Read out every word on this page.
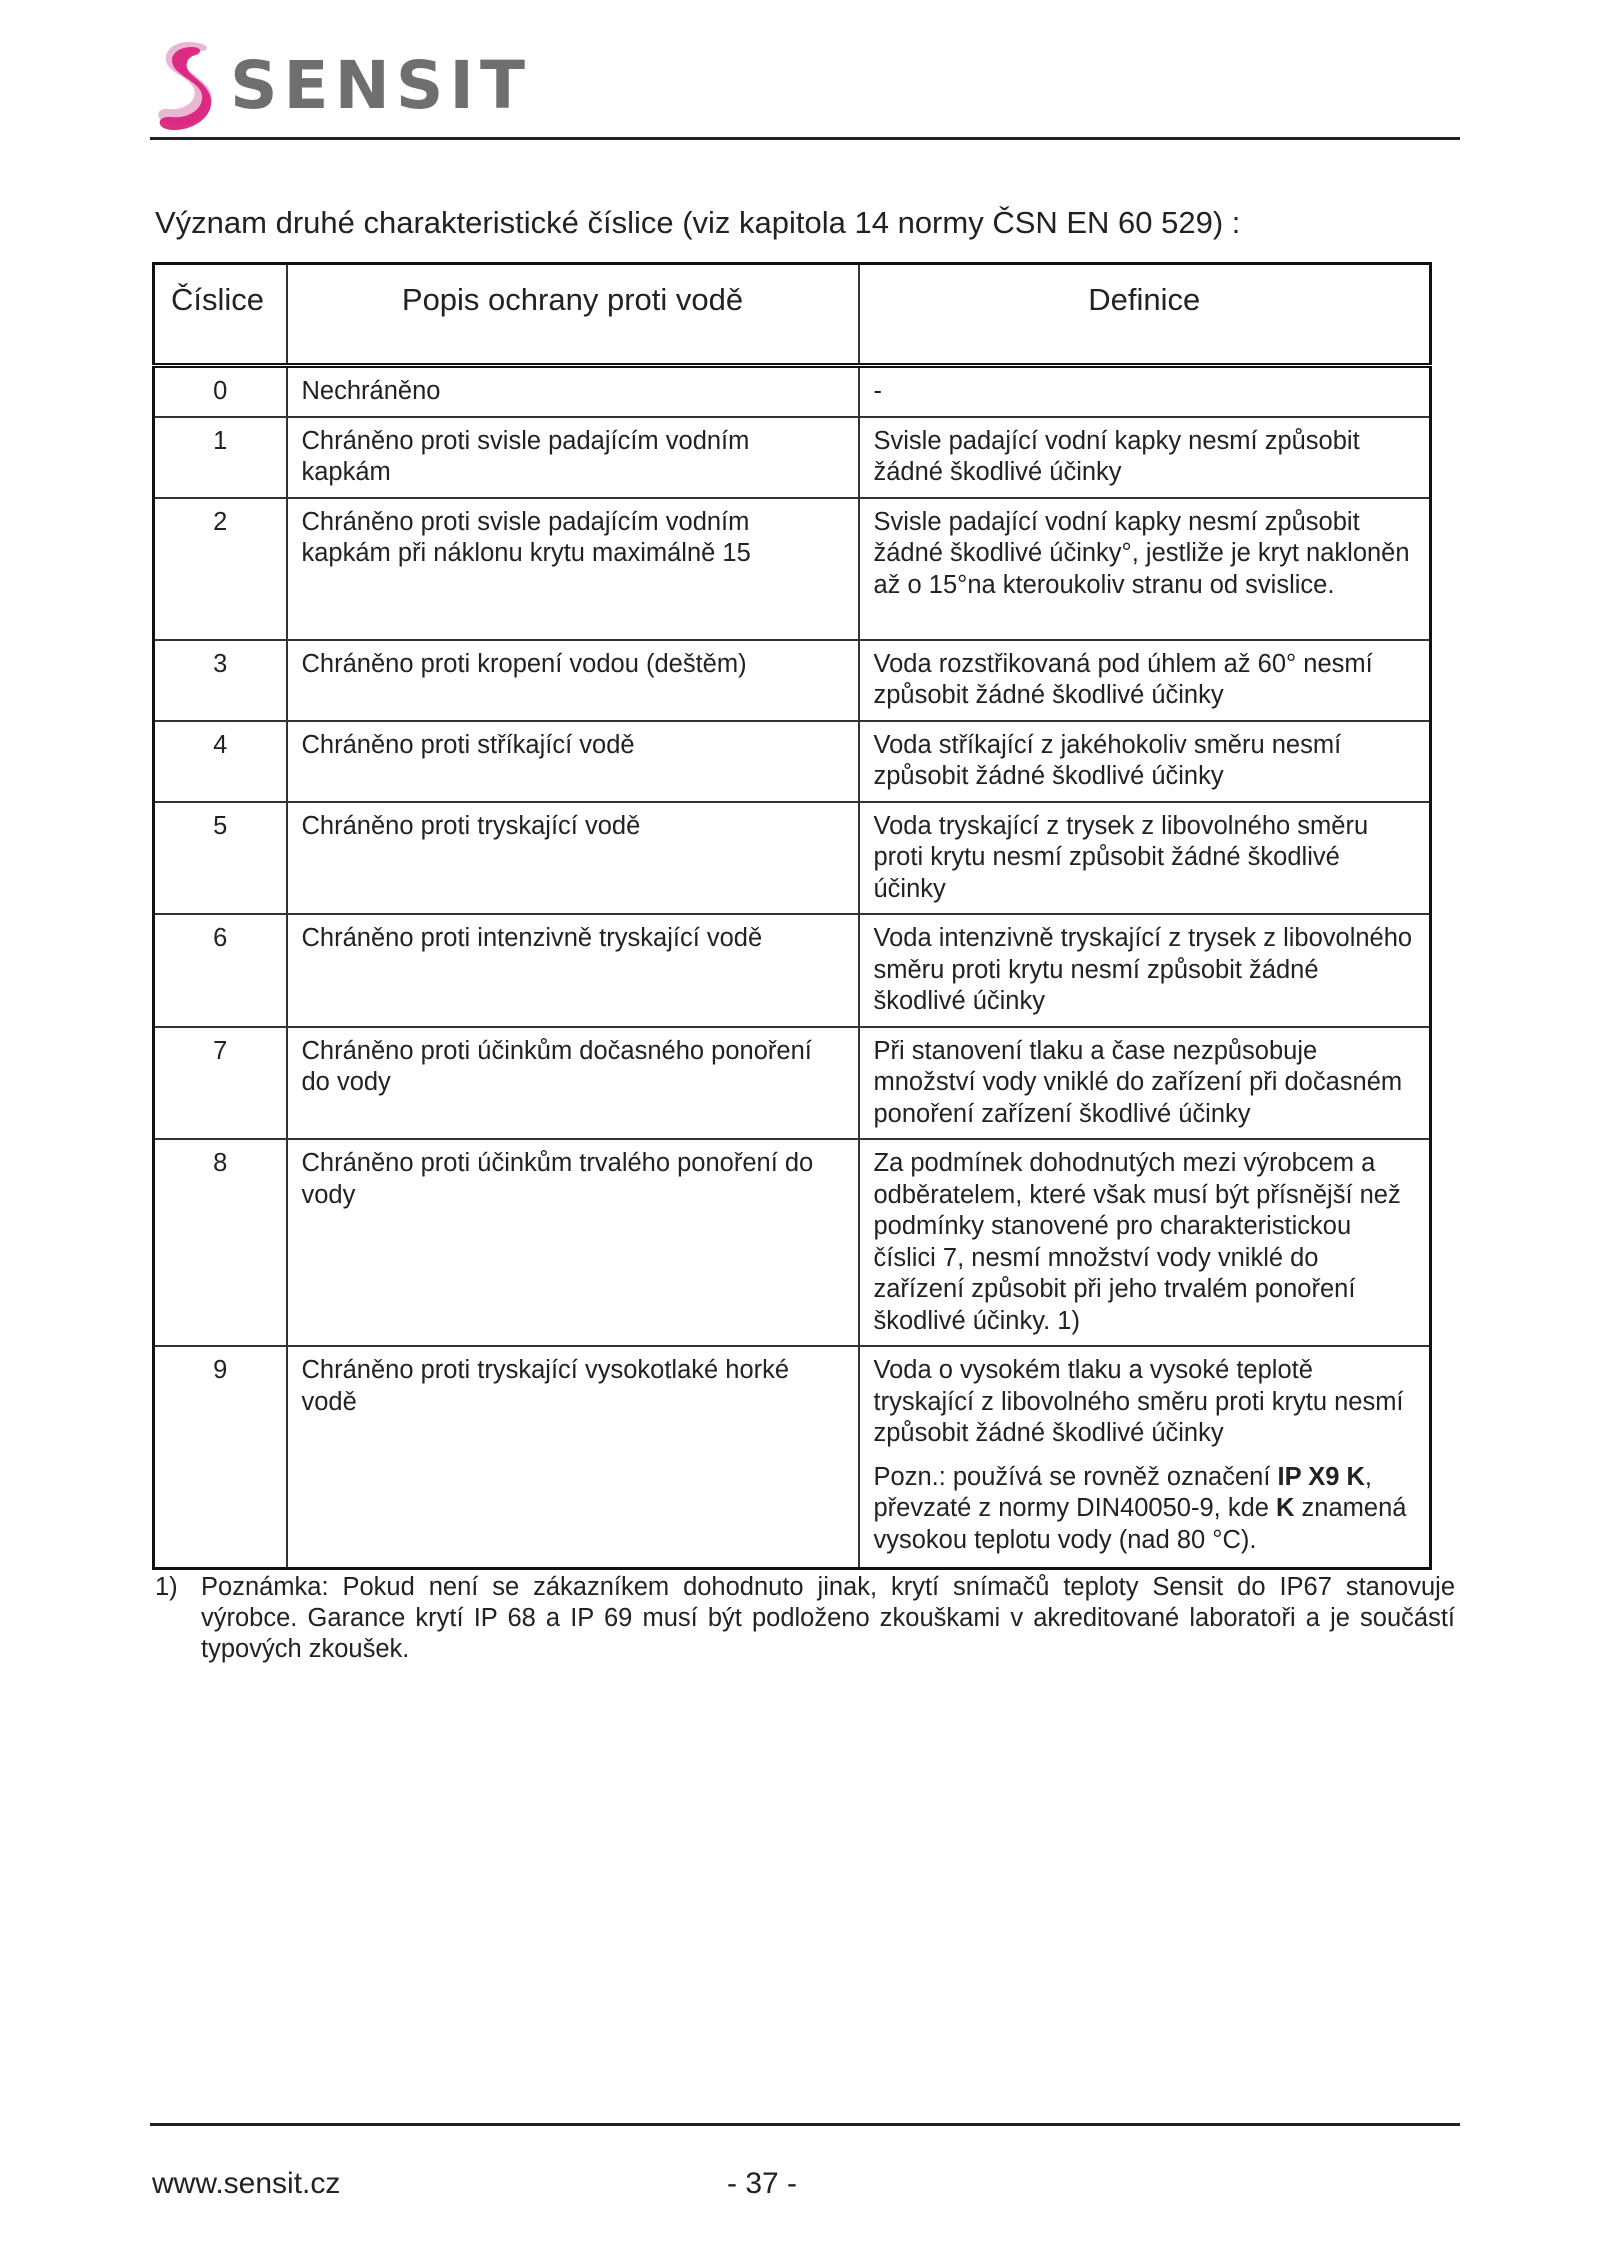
SENSIT
Význam druhé charakteristické číslice (viz kapitola 14 normy ČSN EN 60 529) :
Číslice	Popis ochrany proti vodě	Definice
0	Nechráněno	-
1	Chráněno proti svisle padajícím vodním kapkám	Svisle padající vodní kapky nesmí způsobit žádné škodlivé účinky
2	Chráněno proti svisle padajícím vodním kapkám při náklonu krytu maximálně 15	Svisle padající vodní kapky nesmí způsobit žádné škodlivé účinky°, jestliže je kryt nakloněn až o 15°na kteroukoliv stranu od svislice.
3	Chráněno proti kropení vodou (deštěm)	Voda rozstřikovaná pod úhlem až 60° nesmí způsobit žádné škodlivé účinky
4	Chráněno proti stříkající vodě	Voda stříkající z jakéhokoliv směru nesmí způsobit žádné škodlivé účinky
5	Chráněno proti tryskající vodě	Voda tryskající z trysek z libovolného směru proti krytu nesmí způsobit žádné škodlivé účinky
6	Chráněno proti intenzivně tryskající vodě	Voda intenzivně tryskající z trysek z libovolného směru proti krytu nesmí způsobit žádné škodlivé účinky
7	Chráněno proti účinkům dočasného ponoření do vody	Při stanovení tlaku a čase nezpůsobuje množství vody vniklé do zařízení při dočasném ponoření zařízení škodlivé účinky
8	Chráněno proti účinkům trvalého ponoření do vody	Za podmínek dohodnutých mezi výrobcem a odběratelem, které však musí být přísnější než podmínky stanovené pro charakteristickou číslici 7, nesmí množství vody vniklé do zařízení způsobit při jeho trvalém ponoření škodlivé účinky. 1)
9	Chráněno proti tryskající vysokotlaké horké vodě	Voda o vysokém tlaku a vysoké teplotě tryskající z libovolného směru proti krytu nesmí způsobit žádné škodlivé účinky
Pozn.: používá se rovněž označení IP X9 K, převzaté z normy DIN40050-9, kde K znamená vysokou teplotu vody (nad 80 °C).
1) Poznámka: Pokud není se zákazníkem dohodnuto jinak, krytí snímačů teploty Sensit do IP67 stanovuje výrobce. Garance krytí IP 68 a IP 69 musí být podloženo zkouškami v akreditované laboratoři a je součástí typových zkoušek.
www.sensit.cz	- 37 -
